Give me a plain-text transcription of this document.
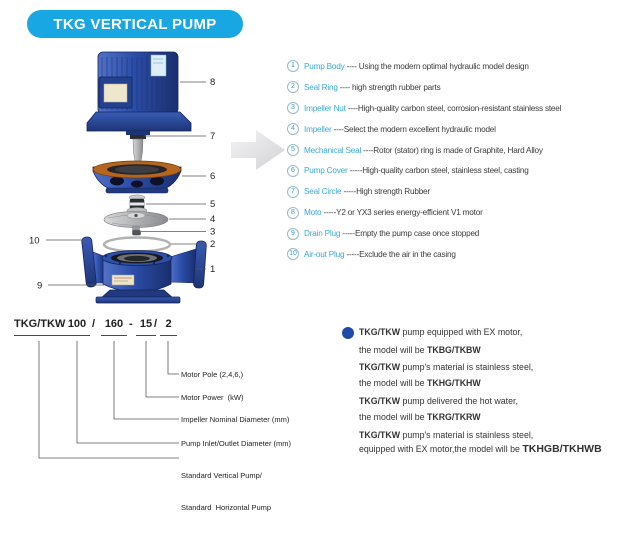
TKG VERTICAL PUMP
8
7
6
5
4
3
2
1
10
9
1	Pump Body ---- Using the modern optimal hydraulic model design
2	Seal Ring ---- high strength rubber parts
3	Impeller Nut ----High-quality carbon steel, corrosion-resistant stainless steel
4	Impeller ----Select the modern excellent hydraulic model
5	Mechanical Seal ----Rotor (stator) ring is made of Graphite, Hard Alloy
6	Pump Cover -----High-quality carbon steel, stainless steel, casting
7	Seal Circle -----High strength Rubber
8	Moto -----Y2 or YX3 series energy-efficient V1 motor
9	Drain Plug -----Empty the pump case once stopped
10 Air-out Plug -----Exclude the air in the casing
TKG/TKW 100 / 160 - 15 / 2
Motor Pole (2,4,6,)
Motor Power  (kW)
Impeller Nominal Diameter (mm)
Pump Inlet/Outlet Diameter (mm)

Standard Vertical Pump/

Standard  Horizontal Pump

TKG/TKW pump equipped with EX motor,
the model will be TKBG/TKBW
TKG/TKW pump's material is stainless steel,
the model will be TKHG/TKHW
TKG/TKW pump delivered the hot water,
the model will be TKRG/TKRW
TKG/TKW pump's material is stainless steel,
equipped with EX motor,the model will be TKHGB/TKHWB
